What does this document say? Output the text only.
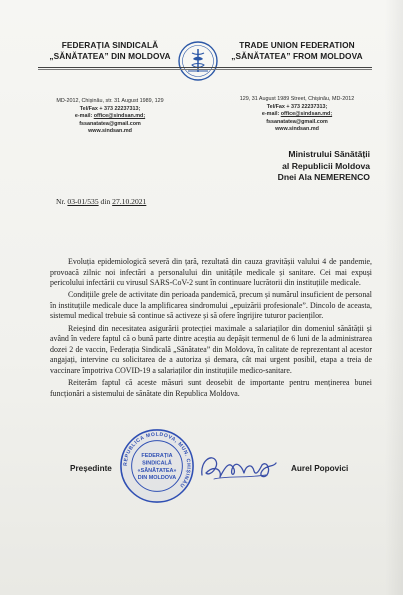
FEDERAȚIA SINDICALĂ
„SĂNĂTATEA” DIN MOLDOVA
TRADE UNION FEDERATION
„SĂNĂTATEA” FROM MOLDOVA
MD-2012, Chișinău, str. 31 August 1989, 129
Tel/Fax + 373 22237313;
e-mail: office@sindsan.md;
fssanatatea@gmail.com
www.sindsan.md
129, 31 August 1989 Street, Chișinău, MD-2012
Tel/Fax + 373 22237313;
e-mail: office@sindsan.md;
fssanatatea@gmail.com
www.sindsan.md
Ministrului Sănătății
al Republicii Moldova
Dnei Ala NEMERENCO
Nr. 03-01/535 din 27.10.2021

Evoluția epidemiologică severă din țară, rezultată din cauza gravitășii valului 4 de pandemie, provoacă zilnic noi infectări a personalului din unitățile medicale și sanitare. Cei mai expuși pericolului infectării cu virusul SARS-CoV-2 sunt în continuare lucrătorii din instituțiile medicale.

Condițiile grele de activitate din perioada pandemică, precum și numărul insuficient de personal în instituțiile medicale duce la amplificarea sindromului „epuizării profesionale”. Dincolo de aceasta, sistemul medical trebuie să continue să activeze și să ofere îngrijire tuturor pacienților.

Reieșind din necesitatea asigurării protecției maximale a salariaților din domeniul sănătății și având în vedere faptul că o bună parte dintre aceștia au depășit termenul de 6 luni de la administrarea dozei 2 de vaccin, Federația Sindicală „Sănătatea” din Moldova, în calitate de reprezentant al acestor angajați, intervine cu solicitarea de a autoriza și demara, cât mai urgent posibil, etapa a treia de vaccinare împotriva COVID-19 a salariaților din instituțiile medico-sanitare.

Reiterăm faptul că aceste măsuri sunt deosebit de importante pentru menținerea bunei funcționări a sistemului de sănătate din Republica Moldova.

Președinte
REPUBLICA MOLDOVA, MUN. CHIȘINĂU
FEDERAȚIA
SINDICALĂ
«SĂNĂTATEA»
DIN MOLDOVA
Aurel Popovici
